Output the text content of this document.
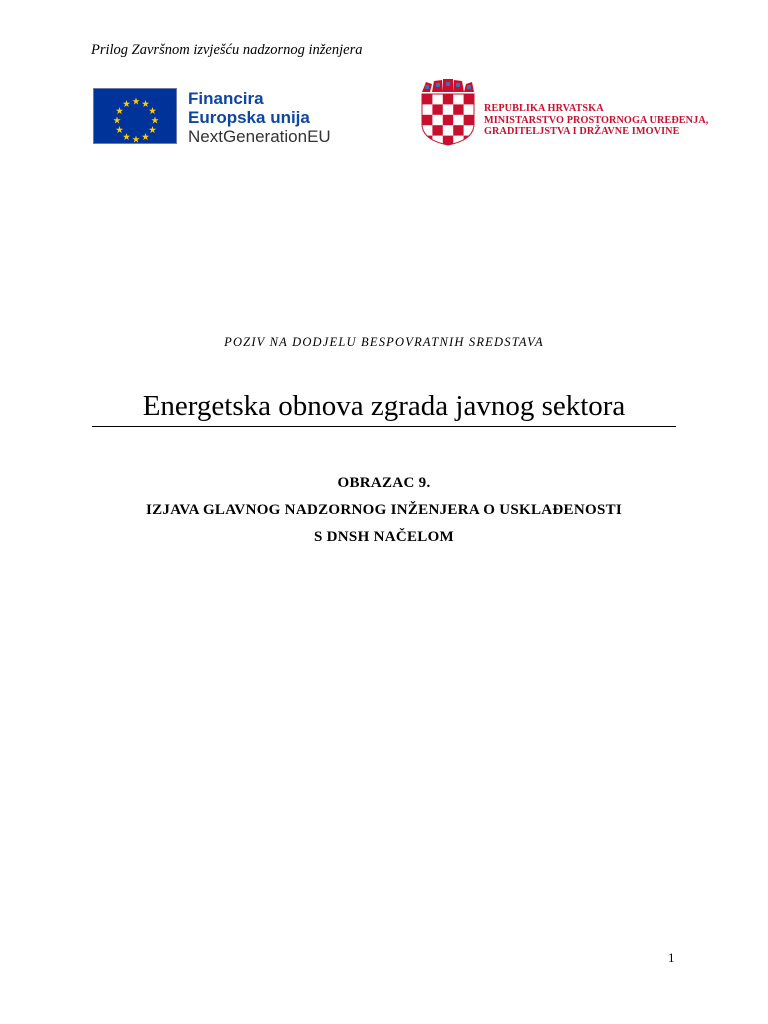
Prilog Završnom izvješću nadzornog inženjera
Financira
Europska unija
NextGenerationEU
REPUBLIKA HRVATSKA
MINISTARSTVO PROSTORNOGA UREĐENJA,
GRADITELJSTVA I DRŽAVNE IMOVINE
POZIV NA DODJELU BESPOVRATNIH SREDSTAVA
Energetska obnova zgrada javnog sektora
OBRAZAC 9.
IZJAVA GLAVNOG NADZORNOG INŽENJERA O USKLAĐENOSTI
S DNSH NAČELOM
1
